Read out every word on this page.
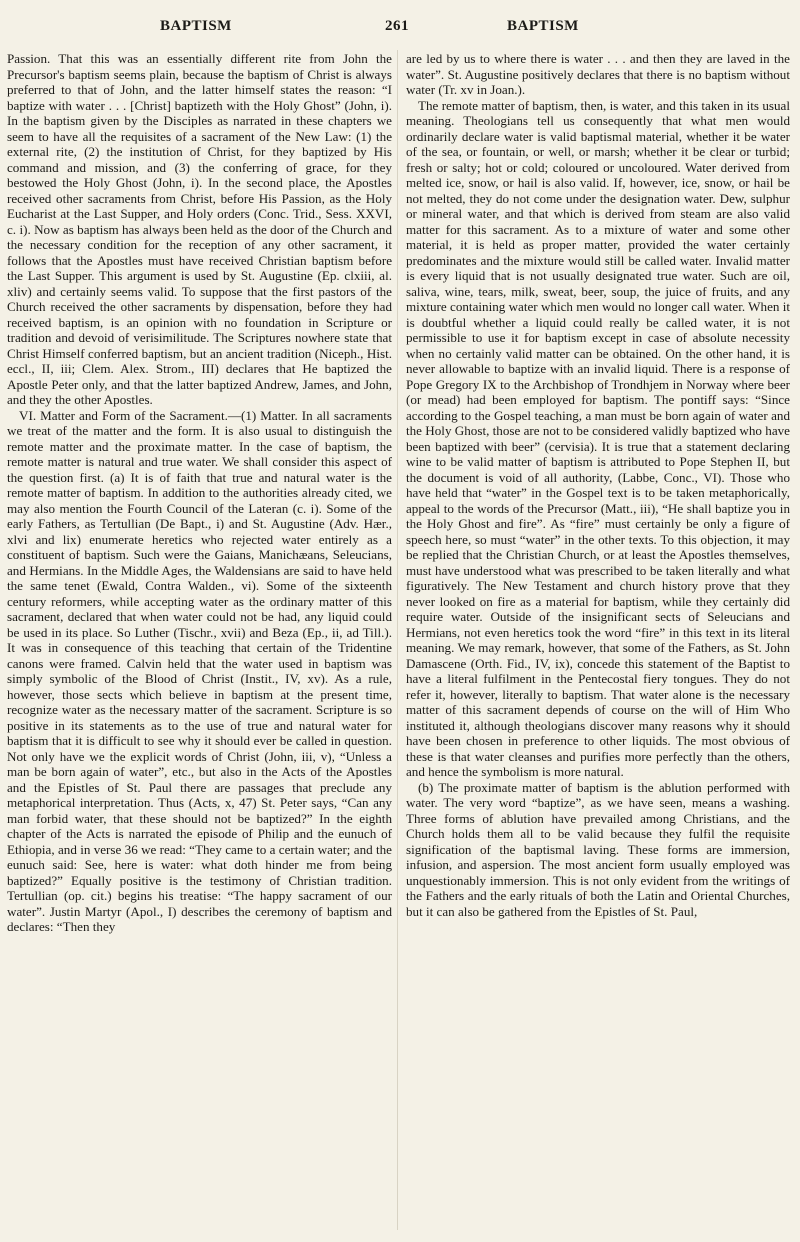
BAPTISM	261	BAPTISM

Passion. That this was an essentially different rite from John the Precursor's baptism seems plain, because the baptism of Christ is always preferred to that of John, and the latter himself states the reason: “I baptize with water . . . [Christ] baptizeth with the Holy Ghost” (John, i). In the baptism given by the Disciples as narrated in these chapters we seem to have all the requisites of a sacrament of the New Law: (1) the external rite, (2) the institution of Christ, for they baptized by His command and mission, and (3) the conferring of grace, for they bestowed the Holy Ghost (John, i). In the second place, the Apostles received other sacraments from Christ, before His Passion, as the Holy Eucharist at the Last Supper, and Holy orders (Conc. Trid., Sess. XXVI, c. i). Now as baptism has always been held as the door of the Church and the necessary condition for the reception of any other sacrament, it follows that the Apostles must have received Christian baptism before the Last Supper. This argument is used by St. Augustine (Ep. clxiii, al. xliv) and certainly seems valid. To suppose that the first pastors of the Church received the other sacraments by dispensation, before they had received baptism, is an opinion with no foundation in Scripture or tradition and devoid of verisimilitude. The Scriptures nowhere state that Christ Himself conferred baptism, but an ancient tradition (Niceph., Hist. eccl., II, iii; Clem. Alex. Strom., III) declares that He baptized the Apostle Peter only, and that the latter baptized Andrew, James, and John, and they the other Apostles.

VI. Matter and Form of the Sacrament.—(1) Matter. In all sacraments we treat of the matter and the form. It is also usual to distinguish the remote matter and the proximate matter. In the case of baptism, the remote matter is natural and true water. We shall consider this aspect of the question first. (a) It is of faith that true and natural water is the remote matter of baptism. In addition to the authorities already cited, we may also mention the Fourth Council of the Lateran (c. i). Some of the early Fathers, as Tertullian (De Bapt., i) and St. Augustine (Adv. Hær., xlvi and lix) enumerate heretics who rejected water entirely as a constituent of baptism. Such were the Gaians, Manichæans, Seleucians, and Hermians. In the Middle Ages, the Waldensians are said to have held the same tenet (Ewald, Contra Walden., vi). Some of the sixteenth century reformers, while accepting water as the ordinary matter of this sacrament, declared that when water could not be had, any liquid could be used in its place. So Luther (Tischr., xvii) and Beza (Ep., ii, ad Till.). It was in consequence of this teaching that certain of the Tridentine canons were framed. Calvin held that the water used in baptism was simply symbolic of the Blood of Christ (Instit., IV, xv). As a rule, however, those sects which believe in baptism at the present time, recognize water as the necessary matter of the sacrament. Scripture is so positive in its statements as to the use of true and natural water for baptism that it is difficult to see why it should ever be called in question. Not only have we the explicit words of Christ (John, iii, v), “Unless a man be born again of water”, etc., but also in the Acts of the Apostles and the Epistles of St. Paul there are passages that preclude any metaphorical interpretation. Thus (Acts, x, 47) St. Peter says, “Can any man forbid water, that these should not be baptized?” In the eighth chapter of the Acts is narrated the episode of Philip and the eunuch of Ethiopia, and in verse 36 we read: “They came to a certain water; and the eunuch said: See, here is water: what doth hinder me from being baptized?” Equally positive is the testimony of Christian tradition. Tertullian (op. cit.) begins his treatise: “The happy sacrament of our water”. Justin Martyr (Apol., I) describes the ceremony of baptism and declares: “Then they

are led by us to where there is water . . . and then they are laved in the water”. St. Augustine positively declares that there is no baptism without water (Tr. xv in Joan.).

The remote matter of baptism, then, is water, and this taken in its usual meaning. Theologians tell us consequently that what men would ordinarily declare water is valid baptismal material, whether it be water of the sea, or fountain, or well, or marsh; whether it be clear or turbid; fresh or salty; hot or cold; coloured or uncoloured. Water derived from melted ice, snow, or hail is also valid. If, however, ice, snow, or hail be not melted, they do not come under the designation water. Dew, sulphur or mineral water, and that which is derived from steam are also valid matter for this sacrament. As to a mixture of water and some other material, it is held as proper matter, provided the water certainly predominates and the mixture would still be called water. Invalid matter is every liquid that is not usually designated true water. Such are oil, saliva, wine, tears, milk, sweat, beer, soup, the juice of fruits, and any mixture containing water which men would no longer call water. When it is doubtful whether a liquid could really be called water, it is not permissible to use it for baptism except in case of absolute necessity when no certainly valid matter can be obtained. On the other hand, it is never allowable to baptize with an invalid liquid. There is a response of Pope Gregory IX to the Archbishop of Trondhjem in Norway where beer (or mead) had been employed for baptism. The pontiff says: “Since according to the Gospel teaching, a man must be born again of water and the Holy Ghost, those are not to be considered validly baptized who have been baptized with beer” (cervisia). It is true that a statement declaring wine to be valid matter of baptism is attributed to Pope Stephen II, but the document is void of all authority, (Labbe, Conc., VI). Those who have held that “water” in the Gospel text is to be taken metaphorically, appeal to the words of the Precursor (Matt., iii), “He shall baptize you in the Holy Ghost and fire”. As “fire” must certainly be only a figure of speech here, so must “water” in the other texts. To this objection, it may be replied that the Christian Church, or at least the Apostles themselves, must have understood what was prescribed to be taken literally and what figuratively. The New Testament and church history prove that they never looked on fire as a material for baptism, while they certainly did require water. Outside of the insignificant sects of Seleucians and Hermians, not even heretics took the word “fire” in this text in its literal meaning. We may remark, however, that some of the Fathers, as St. John Damascene (Orth. Fid., IV, ix), concede this statement of the Baptist to have a literal fulfilment in the Pentecostal fiery tongues. They do not refer it, however, literally to baptism. That water alone is the necessary matter of this sacrament depends of course on the will of Him Who instituted it, although theologians discover many reasons why it should have been chosen in preference to other liquids. The most obvious of these is that water cleanses and purifies more perfectly than the others, and hence the symbolism is more natural.

(b) The proximate matter of baptism is the ablution performed with water. The very word “baptize”, as we have seen, means a washing. Three forms of ablution have prevailed among Christians, and the Church holds them all to be valid because they fulfil the requisite signification of the baptismal laving. These forms are immersion, infusion, and aspersion. The most ancient form usually employed was unquestionably immersion. This is not only evident from the writings of the Fathers and the early rituals of both the Latin and Oriental Churches, but it can also be gathered from the Epistles of St. Paul,
